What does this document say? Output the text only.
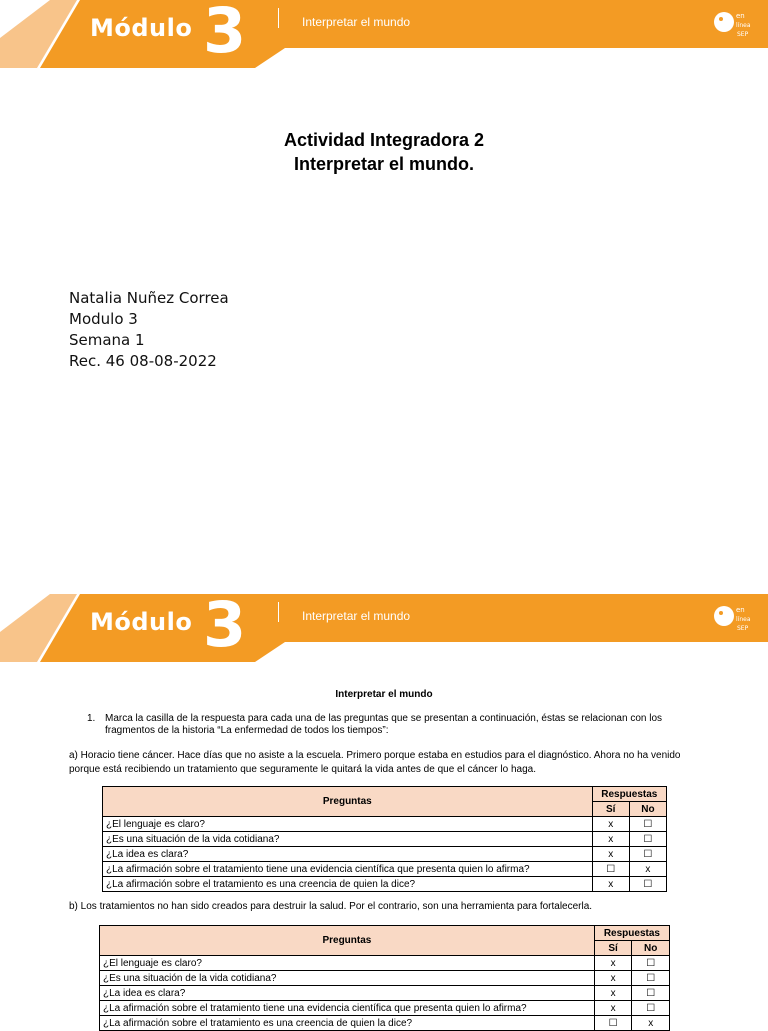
Módulo 3	Interpretar el mundo	en
línea
SEP
Actividad Integradora 2
Interpretar el mundo.
Natalia Nuñez Correa
Modulo 3
Semana 1
Rec. 46 08-08-2022
Módulo 3	Interpretar el mundo	en
línea
SEP
Interpretar el mundo
1. Marca la casilla de la respuesta para cada una de las preguntas que se presentan a continuación, éstas se relacionan con los fragmentos de la historia “La enfermedad de todos los tiempos”:
a) Horacio tiene cáncer. Hace días que no asiste a la escuela. Primero porque estaba en estudios para el diagnóstico. Ahora no ha venido porque está recibiendo un tratamiento que seguramente le quitará la vida antes de que el cáncer lo haga.
Preguntas	Respuestas	
	Sí	No
¿El lenguaje es claro?	x	☐
¿Es una situación de la vida cotidiana?	x	☐
¿La idea es clara?	x	☐
¿La afirmación sobre el tratamiento tiene una evidencia científica que presenta quien lo afirma?	☐	x
¿La afirmación sobre el tratamiento es una creencia de quien la dice?	x	☐
b) Los tratamientos no han sido creados para destruir la salud. Por el contrario, son una herramienta para fortalecerla.
Preguntas	Respuestas	
	Sí	No
¿El lenguaje es claro?	x	☐
¿Es una situación de la vida cotidiana?	x	☐
¿La idea es clara?	x	☐
¿La afirmación sobre el tratamiento tiene una evidencia científica que presenta quien lo afirma?	x	☐
¿La afirmación sobre el tratamiento es una creencia de quien la dice?	☐	x
